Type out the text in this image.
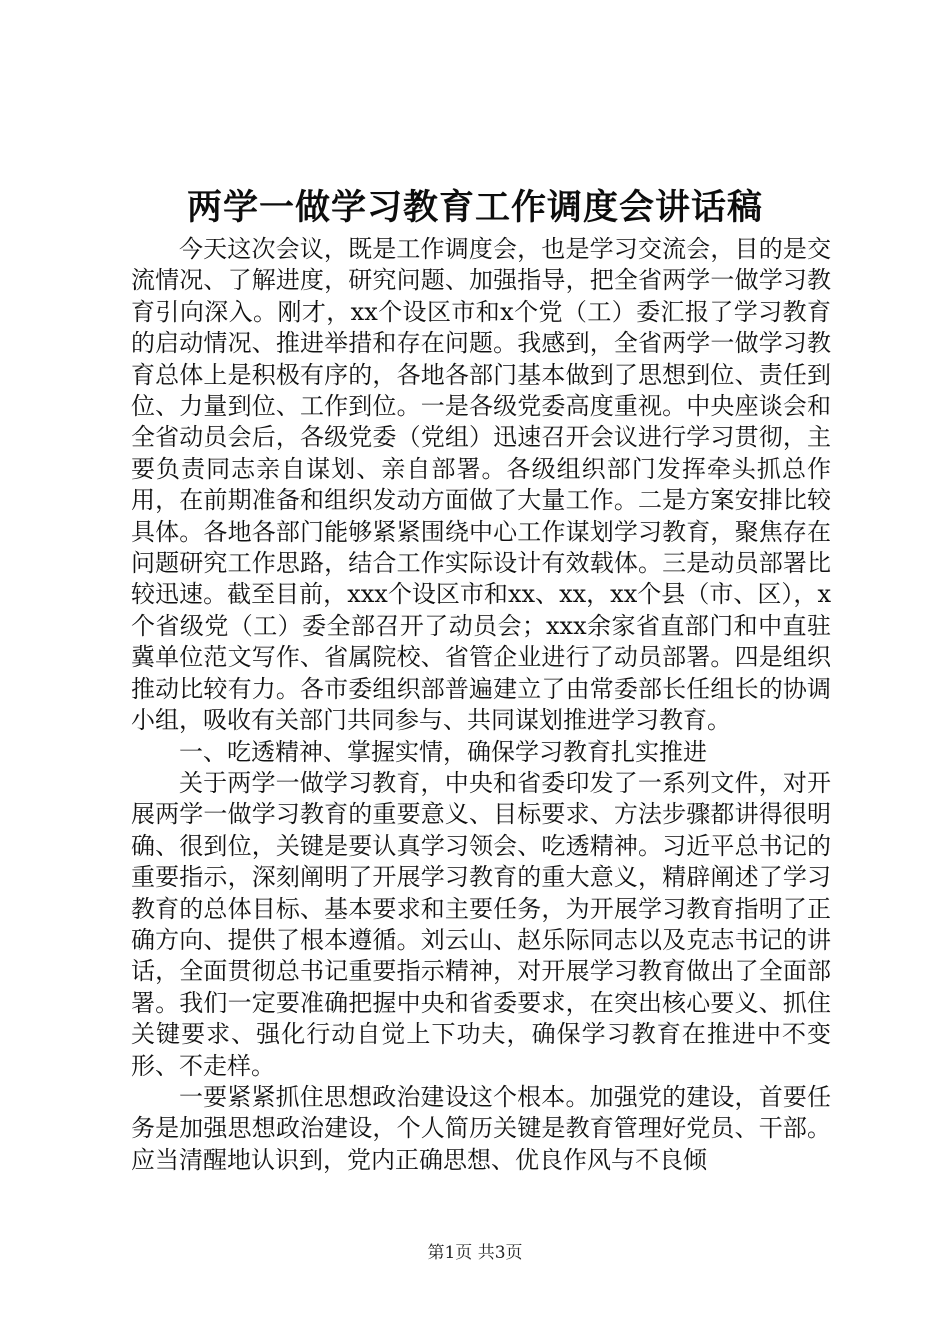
两学一做学习教育工作调度会讲话稿

今天这次会议，既是工作调度会，也是学习交流会，目的是交流情况、了解进度，研究问题、加强指导，把全省两学一做学习教育引向深入。刚才，xx个设区市和x个党（工）委汇报了学习教育的启动情况、推进举措和存在问题。我感到，全省两学一做学习教育总体上是积极有序的，各地各部门基本做到了思想到位、责任到位、力量到位、工作到位。一是各级党委高度重视。中央座谈会和全省动员会后，各级党委（党组）迅速召开会议进行学习贯彻，主要负责同志亲自谋划、亲自部署。各级组织部门发挥牵头抓总作用，在前期准备和组织发动方面做了大量工作。二是方案安排比较具体。各地各部门能够紧紧围绕中心工作谋划学习教育，聚焦存在问题研究工作思路，结合工作实际设计有效载体。三是动员部署比较迅速。截至目前，xxx个设区市和xx、xx，xx个县（市、区），x个省级党（工）委全部召开了动员会；xxx余家省直部门和中直驻冀单位范文写作、省属院校、省管企业进行了动员部署。四是组织推动比较有力。各市委组织部普遍建立了由常委部长任组长的协调小组，吸收有关部门共同参与、共同谋划推进学习教育。

一、吃透精神、掌握实情，确保学习教育扎实推进

关于两学一做学习教育，中央和省委印发了一系列文件，对开展两学一做学习教育的重要意义、目标要求、方法步骤都讲得很明确、很到位，关键是要认真学习领会、吃透精神。习近平总书记的重要指示，深刻阐明了开展学习教育的重大意义，精辟阐述了学习教育的总体目标、基本要求和主要任务，为开展学习教育指明了正确方向、提供了根本遵循。刘云山、赵乐际同志以及克志书记的讲话，全面贯彻总书记重要指示精神，对开展学习教育做出了全面部署。我们一定要准确把握中央和省委要求，在突出核心要义、抓住关键要求、强化行动自觉上下功夫，确保学习教育在推进中不变形、不走样。

一要紧紧抓住思想政治建设这个根本。加强党的建设，首要任务是加强思想政治建设，个人简历关键是教育管理好党员、干部。应当清醒地认识到，党内正确思想、优良作风与不良倾

第1页 共3页
